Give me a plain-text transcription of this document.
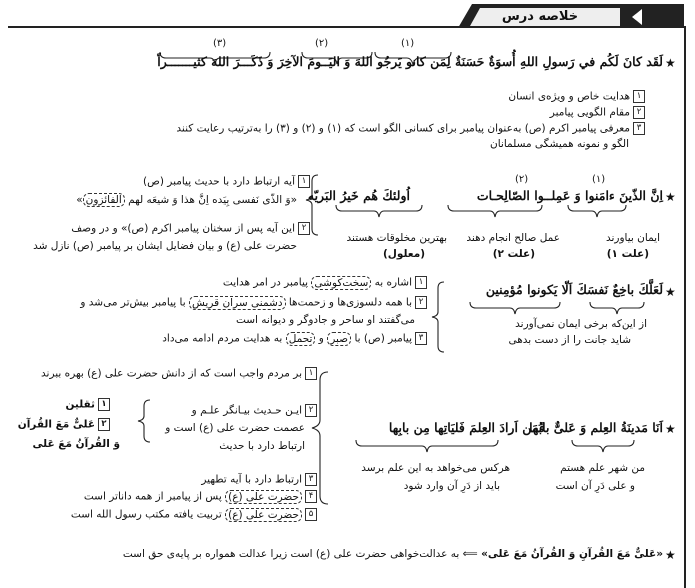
خلاصه درس
★
(۱)
(۲)
(۳)
لَقَد كانَ لَكُم في رَسولِ اللهِ أُسوَةٌ حَسَنَةٌ لِمَن كانو يَرجُو اللهَ وَ اليَــومَ الآخِرَ وَ ذَكَـــرَ اللهَ كثيـــــــراً
۱هدایت خاص و ویژه‌ی انسان
۲مقام الگویی پیامبر
۳معرفی پیامبر اکرم (ص) به‌عنوان پیامبر برای کسانی الگو است که (۱) و (۲) و (۳) را به‌ترتیب رعایت کنند
الگو و نمونه همیشگی مسلمانان
★
(۱)
(۲)
اِنَّ الذّینَ ءامَنوا وَ عَمِلــوا الصّالِحـات
اُولئكَ هُم خَیرُ البَریّه
ایمان بیاورند
(علت ۱)
عمل صالح انجام دهند
(علت ۲)
بهترین مخلوقات هستند
(معلول)
۱آیه ارتباط دارد با حدیث پیامبر (ص)
«وَ الذّی نَفسی بِیَده اِنَّ هذا وَ شیعَه لهم الفائزون»
۲این آیه پس از سخنان پیامبر اکرم (ص)» و در وصف
حضرت علی (ع) و بیان فضایل ایشان بر پیامبر (ص) نازل شد
★
لَعَلَّكَ باخِعٌ نَفسَكَ اَلّا یَكونوا مُؤمِنین
از این‌که برخی ایمان نمی‌آورند
شاید جانت را از دست بدهی
۱اشاره به سخت‌کوشی پیامبر در امر هدایت
۲با همه دلسوزی‌ها و زحمت‌ها دشمنی سران قریش با پیامبر بیش‌تر می‌شد و
می‌گفتند او ساحر و جادوگر و دیوانه است
۳پیامبر (ص) با صبر و تحمل به هدایت مردم ادامه می‌داد
★
اَنَا مَدینَةُ العِلم وَ عَلیٌّ بابُها
فَمَن اَرادَ العِلمَ فَلیَاتِها مِن بابِها
من شهر علم هستم
و علی دَرِ آن است
هرکس می‌خواهد به این علم برسد
باید از دَرِ آن وارد شود
۱بر مردم واجب است که از دانش حضرت علی (ع) بهره ببرند
۲ایـن حـدیث بیـانگر علـم و
عصمت حضرت علی (ع) است و
ارتباط دارد با حدیث
۱ثقلین
۲عَلیٌّ مَعَ القُرآن
وَ القُرآنُ مَعَ عَلی
۳ارتباط دارد با آیه تطهیر
۴حضرت علی (ع) پس از پیامبر از همه داناتر است
۵حضرت علی (ع) تربیت یافته مکتب رسول الله است
★
«عَلیٌّ مَعَ القُرآنِ وَ القُرآنُ مَعَ عَلی» ⟸ به عدالت‌خواهی حضرت علی (ع) است زیرا عدالت همواره بر پایه‌ی حق است
